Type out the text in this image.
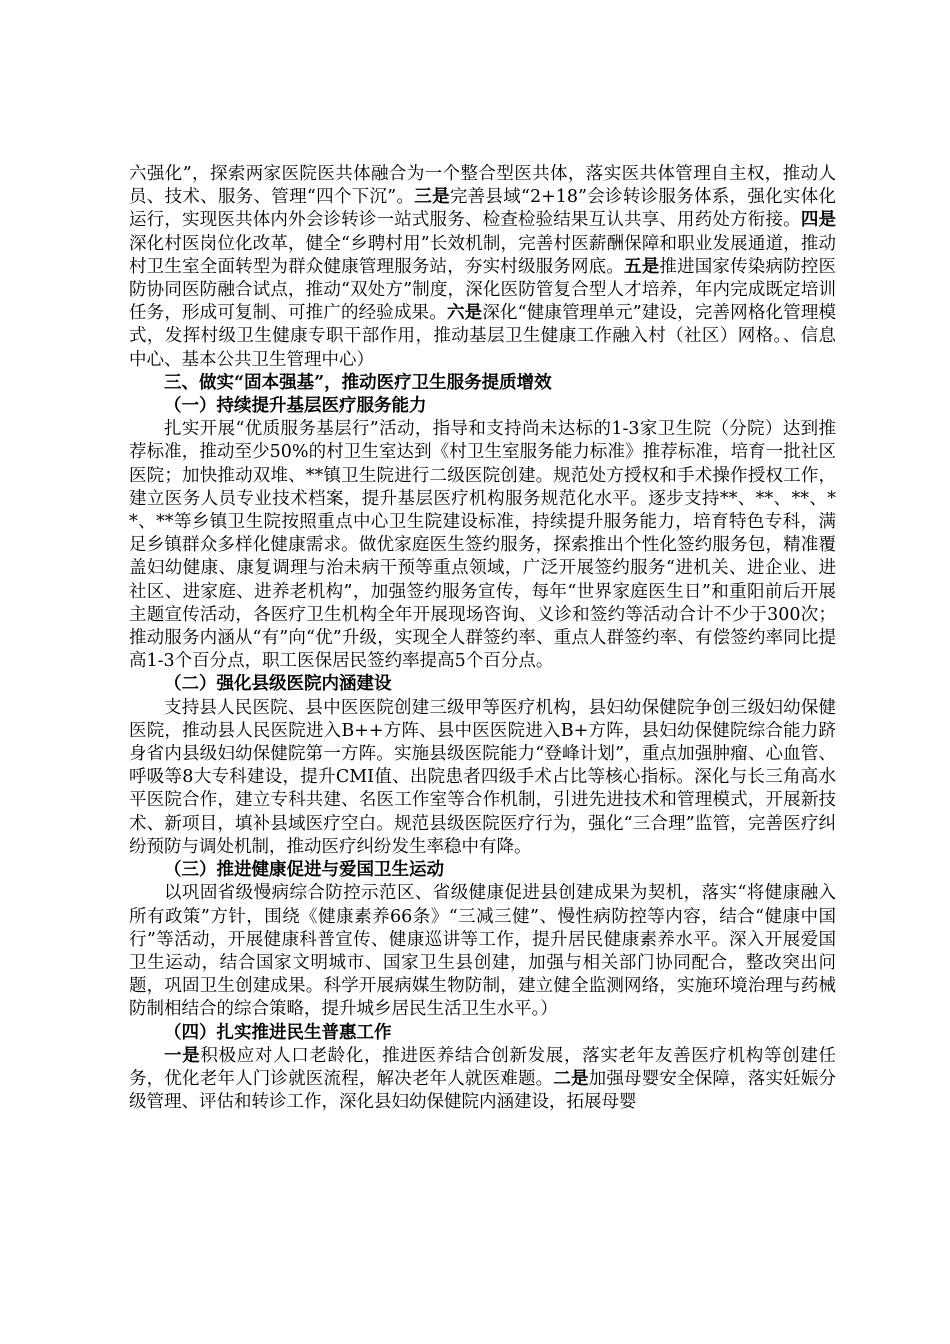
六强化”，探索两家医院医共体融合为一个整合型医共体，落实医共体管理自主权，推动人员、技术、服务、管理“四个下沉”。三是完善县域“2+18”会诊转诊服务体系，强化实体化运行，实现医共体内外会诊转诊一站式服务、检查检验结果互认共享、用药处方衔接。四是深化村医岗位化改革，健全“乡聘村用”长效机制，完善村医薪酬保障和职业发展通道，推动村卫生室全面转型为群众健康管理服务站，夯实村级服务网底。五是推进国家传染病防控医防协同医防融合试点，推动“双处方”制度，深化医防管复合型人才培养，年内完成既定培训任务，形成可复制、可推广的经验成果。六是深化“健康管理单元”建设，完善网格化管理模式，发挥村级卫生健康专职干部作用，推动基层卫生健康工作融入村（社区）网格。、信息中心、基本公共卫生管理中心）

三、做实“固本强基”，推动医疗卫生服务提质增效

（一）持续提升基层医疗服务能力

扎实开展“优质服务基层行”活动，指导和支持尚未达标的1-3家卫生院（分院）达到推荐标准，推动至少50%的村卫生室达到《村卫生室服务能力标准》推荐标准，培育一批社区医院；加快推动双堆、**镇卫生院进行二级医院创建。规范处方授权和手术操作授权工作，建立医务人员专业技术档案，提升基层医疗机构服务规范化水平。逐步支持**、**、**、**、**等乡镇卫生院按照重点中心卫生院建设标准，持续提升服务能力，培育特色专科，满足乡镇群众多样化健康需求。做优家庭医生签约服务，探索推出个性化签约服务包，精准覆盖妇幼健康、康复调理与治未病干预等重点领域，广泛开展签约服务“进机关、进企业、进社区、进家庭、进养老机构”，加强签约服务宣传，每年“世界家庭医生日”和重阳前后开展主题宣传活动，各医疗卫生机构全年开展现场咨询、义诊和签约等活动合计不少于300次；推动服务内涵从“有”向“优”升级，实现全人群签约率、重点人群签约率、有偿签约率同比提高1-3个百分点，职工医保居民签约率提高5个百分点。

（二）强化县级医院内涵建设

支持县人民医院、县中医医院创建三级甲等医疗机构，县妇幼保健院争创三级妇幼保健医院，推动县人民医院进入B++方阵、县中医医院进入B+方阵，县妇幼保健院综合能力跻身省内县级妇幼保健院第一方阵。实施县级医院能力“登峰计划”，重点加强肿瘤、心血管、呼吸等8大专科建设，提升CMI值、出院患者四级手术占比等核心指标。深化与长三角高水平医院合作，建立专科共建、名医工作室等合作机制，引进先进技术和管理模式，开展新技术、新项目，填补县域医疗空白。规范县级医院医疗行为，强化“三合理”监管，完善医疗纠纷预防与调处机制，推动医疗纠纷发生率稳中有降。

（三）推进健康促进与爱国卫生运动

以巩固省级慢病综合防控示范区、省级健康促进县创建成果为契机，落实“将健康融入所有政策”方针，围绕《健康素养66条》“三减三健”、慢性病防控等内容，结合“健康中国行”等活动，开展健康科普宣传、健康巡讲等工作，提升居民健康素养水平。深入开展爱国卫生运动，结合国家文明城市、国家卫生县创建，加强与相关部门协同配合，整改突出问题，巩固卫生创建成果。科学开展病媒生物防制，建立健全监测网络，实施环境治理与药械防制相结合的综合策略，提升城乡居民生活卫生水平。）

（四）扎实推进民生普惠工作

一是积极应对人口老龄化，推进医养结合创新发展，落实老年友善医疗机构等创建任务，优化老年人门诊就医流程，解决老年人就医难题。二是加强母婴安全保障，落实妊娠分级管理、评估和转诊工作，深化县妇幼保健院内涵建设，拓展母婴
